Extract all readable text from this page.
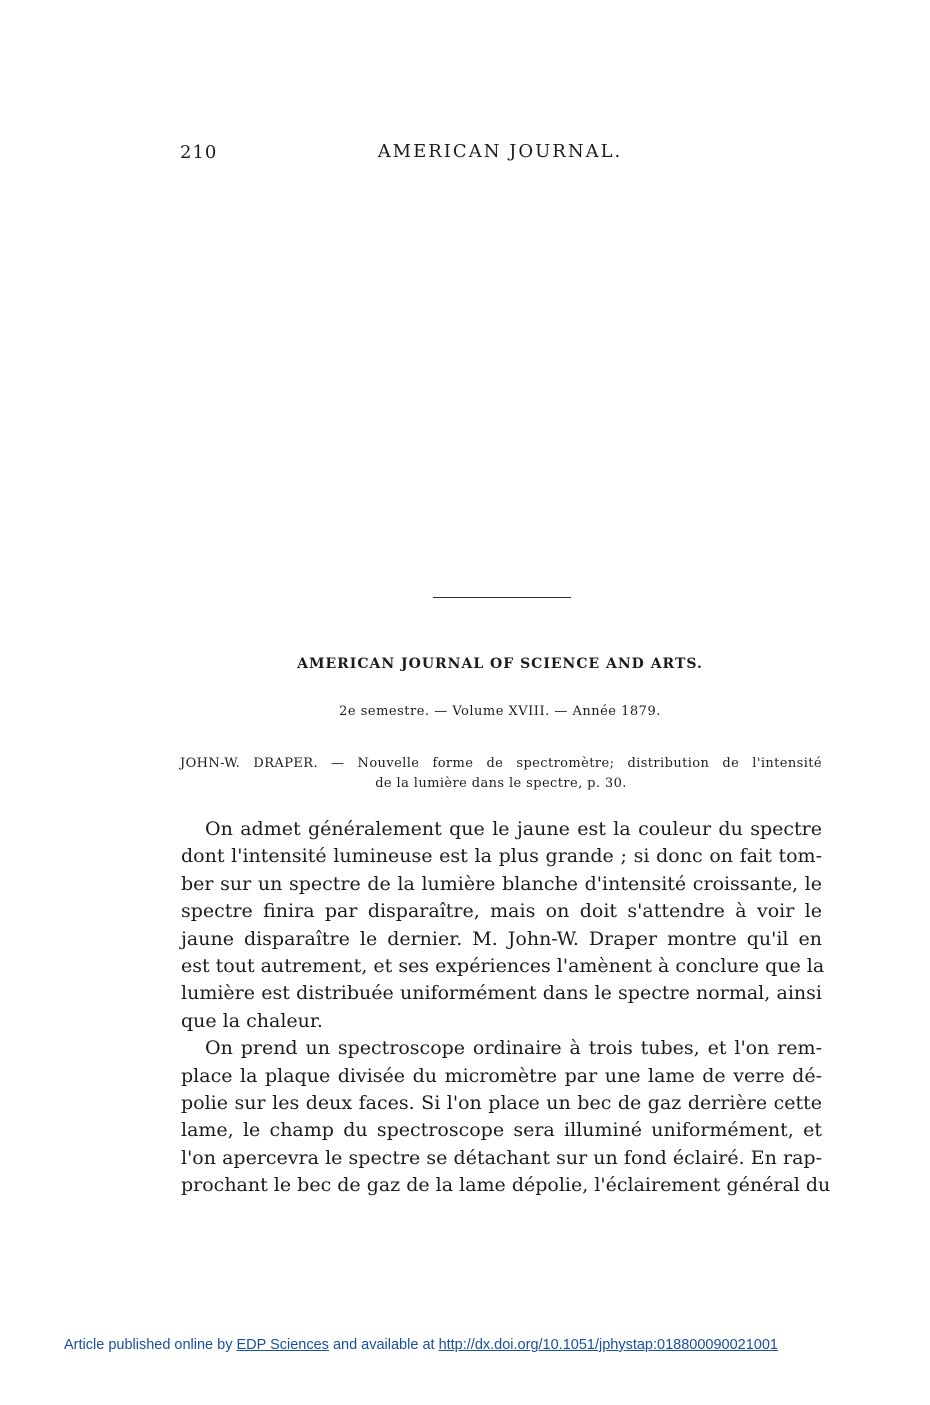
210	AMERICAN JOURNAL.
AMERICAN JOURNAL OF SCIENCE AND ARTS.
2e semestre. — Volume XVIII. — Année 1879.
JOHN-W. DRAPER. — Nouvelle forme de spectromètre; distribution de l'intensité
de la lumière dans le spectre, p. 30.
On admet généralement que le jaune est la couleur du spectre
dont l'intensité lumineuse est la plus grande ; si donc on fait tom-
ber sur un spectre de la lumière blanche d'intensité croissante, le
spectre finira par disparaître, mais on doit s'attendre à voir le
jaune disparaître le dernier. M. John-W. Draper montre qu'il en
est tout autrement, et ses expériences l'amènent à conclure que la
lumière est distribuée uniformément dans le spectre normal, ainsi
que la chaleur.
On prend un spectroscope ordinaire à trois tubes, et l'on rem-
place la plaque divisée du micromètre par une lame de verre dé-
polie sur les deux faces. Si l'on place un bec de gaz derrière cette
lame, le champ du spectroscope sera illuminé uniformément, et
l'on apercevra le spectre se détachant sur un fond éclairé. En rap-
prochant le bec de gaz de la lame dépolie, l'éclairement général du
Article published online by EDP Sciences and available at http://dx.doi.org/10.1051/jphystap:018800090021001
